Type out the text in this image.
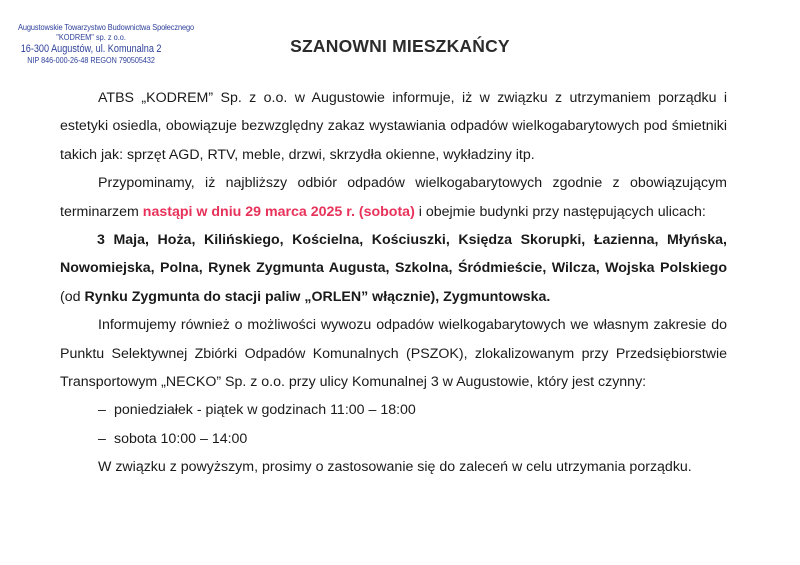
Augustowskie Towarzystwo Budownictwa Społecznego
"KODREM" sp. z o.o.
16-300 Augustów, ul. Komunalna 2
NIP 846-000-26-48 REGON 790505432
SZANOWNI MIESZKAŃCY

ATBS „KODREM” Sp. z o.o. w Augustowie informuje, iż w związku z utrzymaniem porządku i estetyki osiedla, obowiązuje bezwzględny zakaz wystawiania odpadów wielkogabarytowych pod śmietniki takich jak: sprzęt AGD, RTV, meble, drzwi, skrzydła okienne, wykładziny itp.

Przypominamy, iż najbliższy odbiór odpadów wielkogabarytowych zgodnie z obowiązującym terminarzem nastąpi w dniu 29 marca 2025 r. (sobota) i obejmie budynki przy następujących ulicach:

3 Maja, Hoża, Kilińskiego, Kościelna, Kościuszki, Księdza Skorupki, Łazienna, Młyńska, Nowomiejska, Polna, Rynek Zygmunta Augusta, Szkolna, Śródmieście, Wilcza, Wojska Polskiego (od Rynku Zygmunta do stacji paliw „ORLEN” włącznie), Zygmuntowska.

Informujemy również o możliwości wywozu odpadów wielkogabarytowych we własnym zakresie do Punktu Selektywnej Zbiórki Odpadów Komunalnych (PSZOK), zlokalizowanym przy Przedsiębiorstwie Transportowym „NECKO” Sp. z o.o. przy ulicy Komunalnej 3 w Augustowie, który jest czynny:

– poniedziałek - piątek w godzinach 11:00 – 18:00
– sobota 10:00 – 14:00

W związku z powyższym, prosimy o zastosowanie się do zaleceń w celu utrzymania porządku.
